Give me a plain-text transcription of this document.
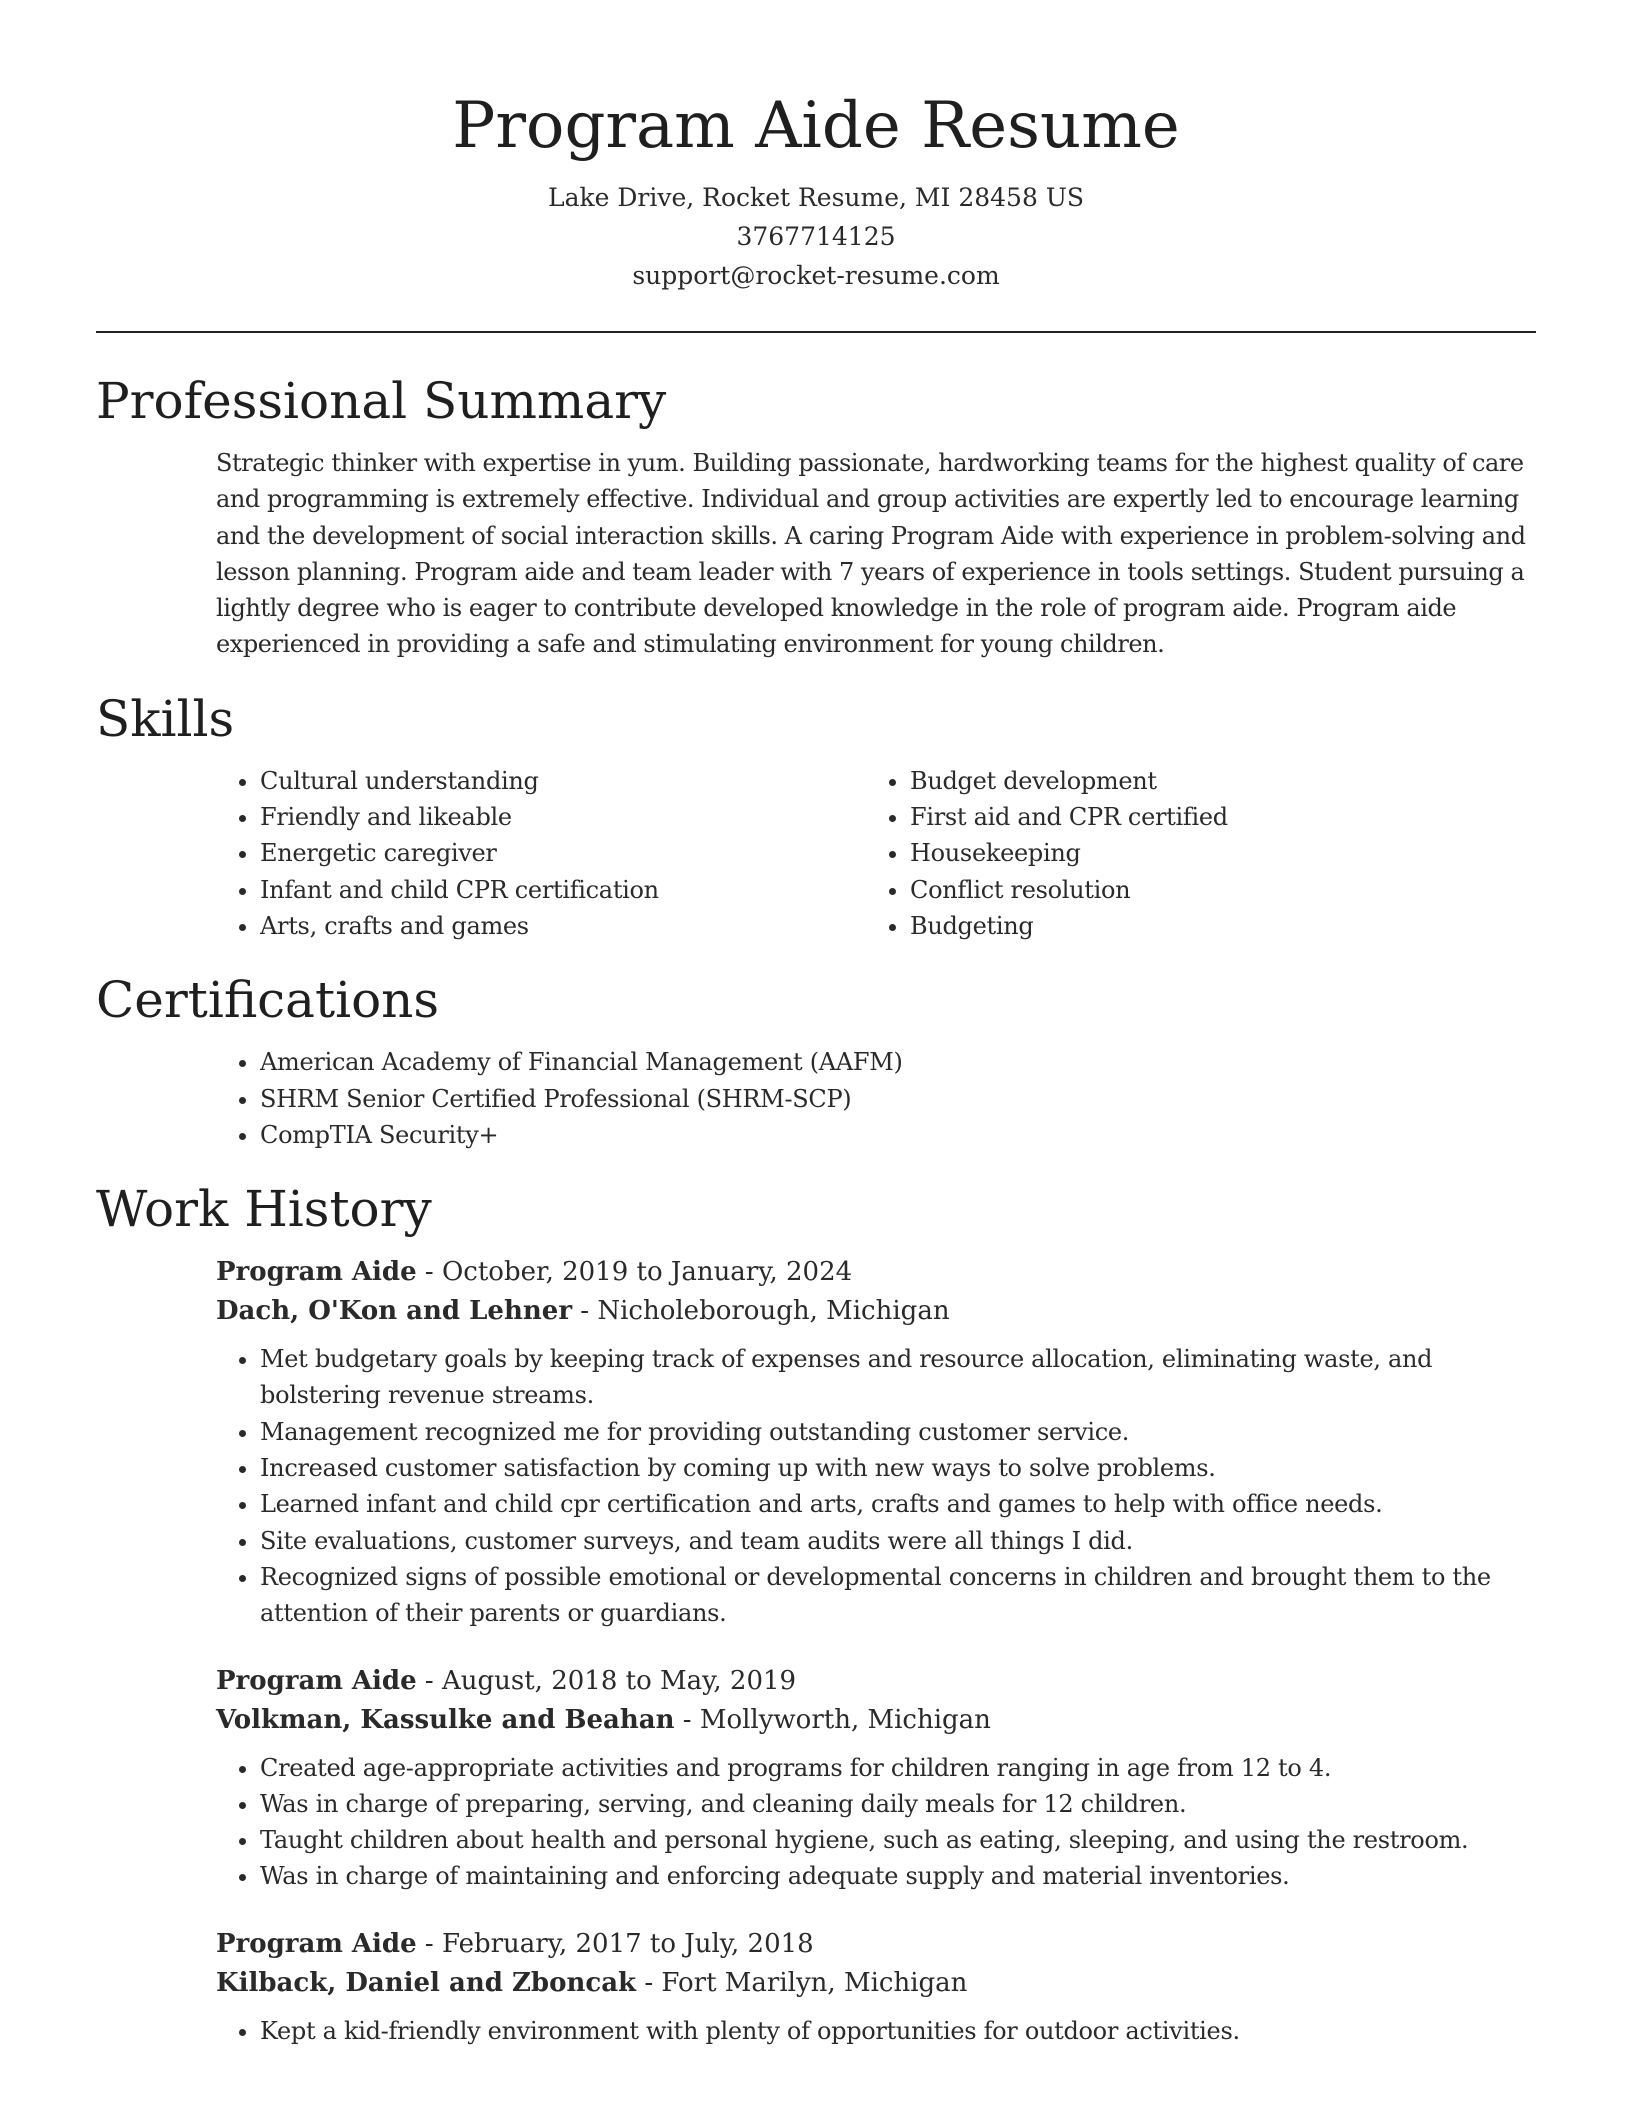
Program Aide Resume
Lake Drive, Rocket Resume, MI 28458 US
3767714125
support@rocket-resume.com
Professional Summary

Strategic thinker with expertise in yum. Building passionate, hardworking teams for the highest quality of care and programming is extremely effective. Individual and group activities are expertly led to encourage learning and the development of social interaction skills. A caring Program Aide with experience in problem-solving and lesson planning. Program aide and team leader with 7 years of experience in tools settings. Student pursuing a lightly degree who is eager to contribute developed knowledge in the role of program aide. Program aide experienced in providing a safe and stimulating environment for young children.

Skills
• Cultural understanding
• Friendly and likeable
• Energetic caregiver
• Infant and child CPR certification
• Arts, crafts and games
• Budget development
• First aid and CPR certified
• Housekeeping
• Conflict resolution
• Budgeting
Certifications
• American Academy of Financial Management (AAFM)
• SHRM Senior Certified Professional (SHRM-SCP)
• CompTIA Security+
Work History
Program Aide - October, 2019 to January, 2024
Dach, O'Kon and Lehner - Nicholeborough, Michigan
• Met budgetary goals by keeping track of expenses and resource allocation, eliminating waste, and bolstering revenue streams.
• Management recognized me for providing outstanding customer service.
• Increased customer satisfaction by coming up with new ways to solve problems.
• Learned infant and child cpr certification and arts, crafts and games to help with office needs.
• Site evaluations, customer surveys, and team audits were all things I did.
• Recognized signs of possible emotional or developmental concerns in children and brought them to the attention of their parents or guardians.
Program Aide - August, 2018 to May, 2019
Volkman, Kassulke and Beahan - Mollyworth, Michigan
• Created age-appropriate activities and programs for children ranging in age from 12 to 4.
• Was in charge of preparing, serving, and cleaning daily meals for 12 children.
• Taught children about health and personal hygiene, such as eating, sleeping, and using the restroom.
• Was in charge of maintaining and enforcing adequate supply and material inventories.
Program Aide - February, 2017 to July, 2018
Kilback, Daniel and Zboncak - Fort Marilyn, Michigan
• Kept a kid-friendly environment with plenty of opportunities for outdoor activities.
